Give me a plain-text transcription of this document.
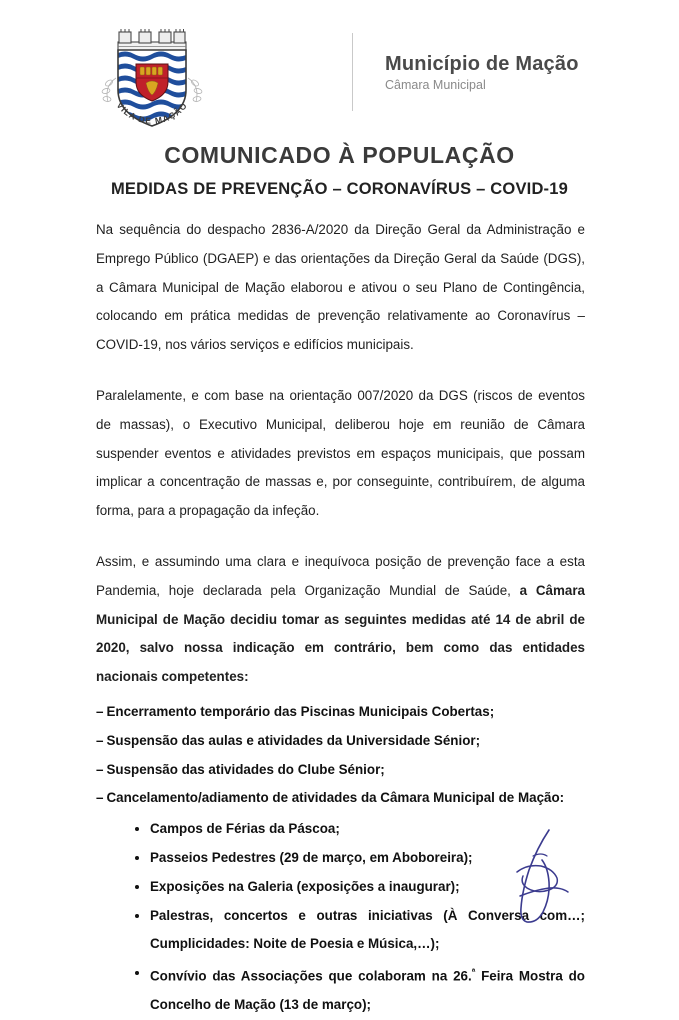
VILA DE MAÇÃO
Município de Mação
Câmara Municipal
COMUNICADO À POPULAÇÃO
MEDIDAS DE PREVENÇÃO – CORONAVÍRUS – COVID-19

Na sequência do despacho 2836-A/2020 da Direção Geral da Administração e Emprego Público (DGAEP) e das orientações da Direção Geral da Saúde (DGS), a Câmara Municipal de Mação elaborou e ativou o seu Plano de Contingência, colocando em prática medidas de prevenção relativamente ao Coronavírus – COVID-19, nos vários serviços e edifícios municipais.

Paralelamente, e com base na orientação 007/2020 da DGS (riscos de eventos de massas), o Executivo Municipal, deliberou hoje em reunião de Câmara suspender eventos e atividades previstos em espaços municipais, que possam implicar a concentração de massas e, por conseguinte, contribuírem, de alguma forma, para a propagação da infeção.

Assim, e assumindo uma clara e inequívoca posição de prevenção face a esta Pandemia, hoje declarada pela Organização Mundial de Saúde, a Câmara Municipal de Mação decidiu tomar as seguintes medidas até 14 de abril de 2020, salvo nossa indicação em contrário, bem como das entidades nacionais competentes:

– Encerramento temporário das Piscinas Municipais Cobertas;
– Suspensão das aulas e atividades da Universidade Sénior;
– Suspensão das atividades do Clube Sénior;
– Cancelamento/adiamento de atividades da Câmara Municipal de Mação:
Campos de Férias da Páscoa;
Passeios Pedestres (29 de março, em Aboboreira);
Exposições na Galeria (exposições a inaugurar);
Palestras, concertos e outras iniciativas (À Conversa com…; Cumplicidades: Noite de Poesia e Música,…);
Convívio das Associações que colaboram na 26.$^ª$ Feira Mostra do Concelho de Mação (13 de março);
